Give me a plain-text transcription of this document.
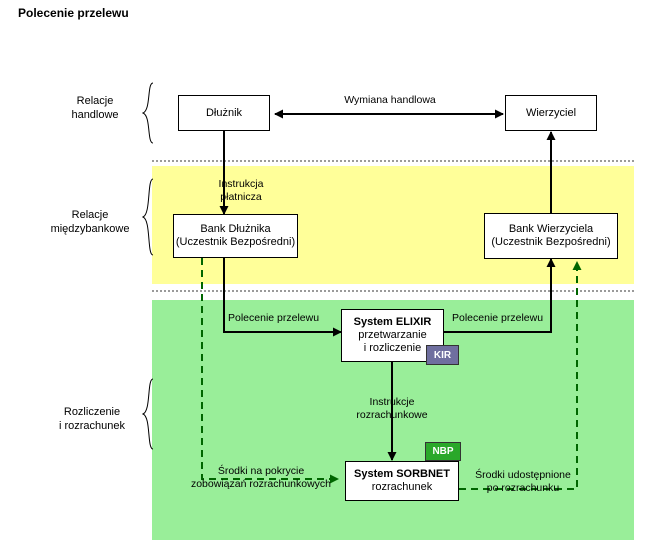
Polecenie przelewu
Relacje
handlowe
Relacje
międzybankowe
Rozliczenie
i rozrachunek
Dłużnik	Wierzyciel
Bank Dłużnika
(Uczestnik Bezpośredni)
Bank Wierzyciela
(Uczestnik Bezpośredni)
System ELIXIR
przetwarzanie
i rozliczenie
System SORBNET
rozrachunek
KIR
NBP
Wymiana handlowa
Instrukcja
płatnicza
Polecenie przelewu	Polecenie przelewu
Instrukcje
rozrachunkowe
Środki na pokrycie
zobowiązań rozrachunkowych
Środki udostępnione
po rozrachunku
